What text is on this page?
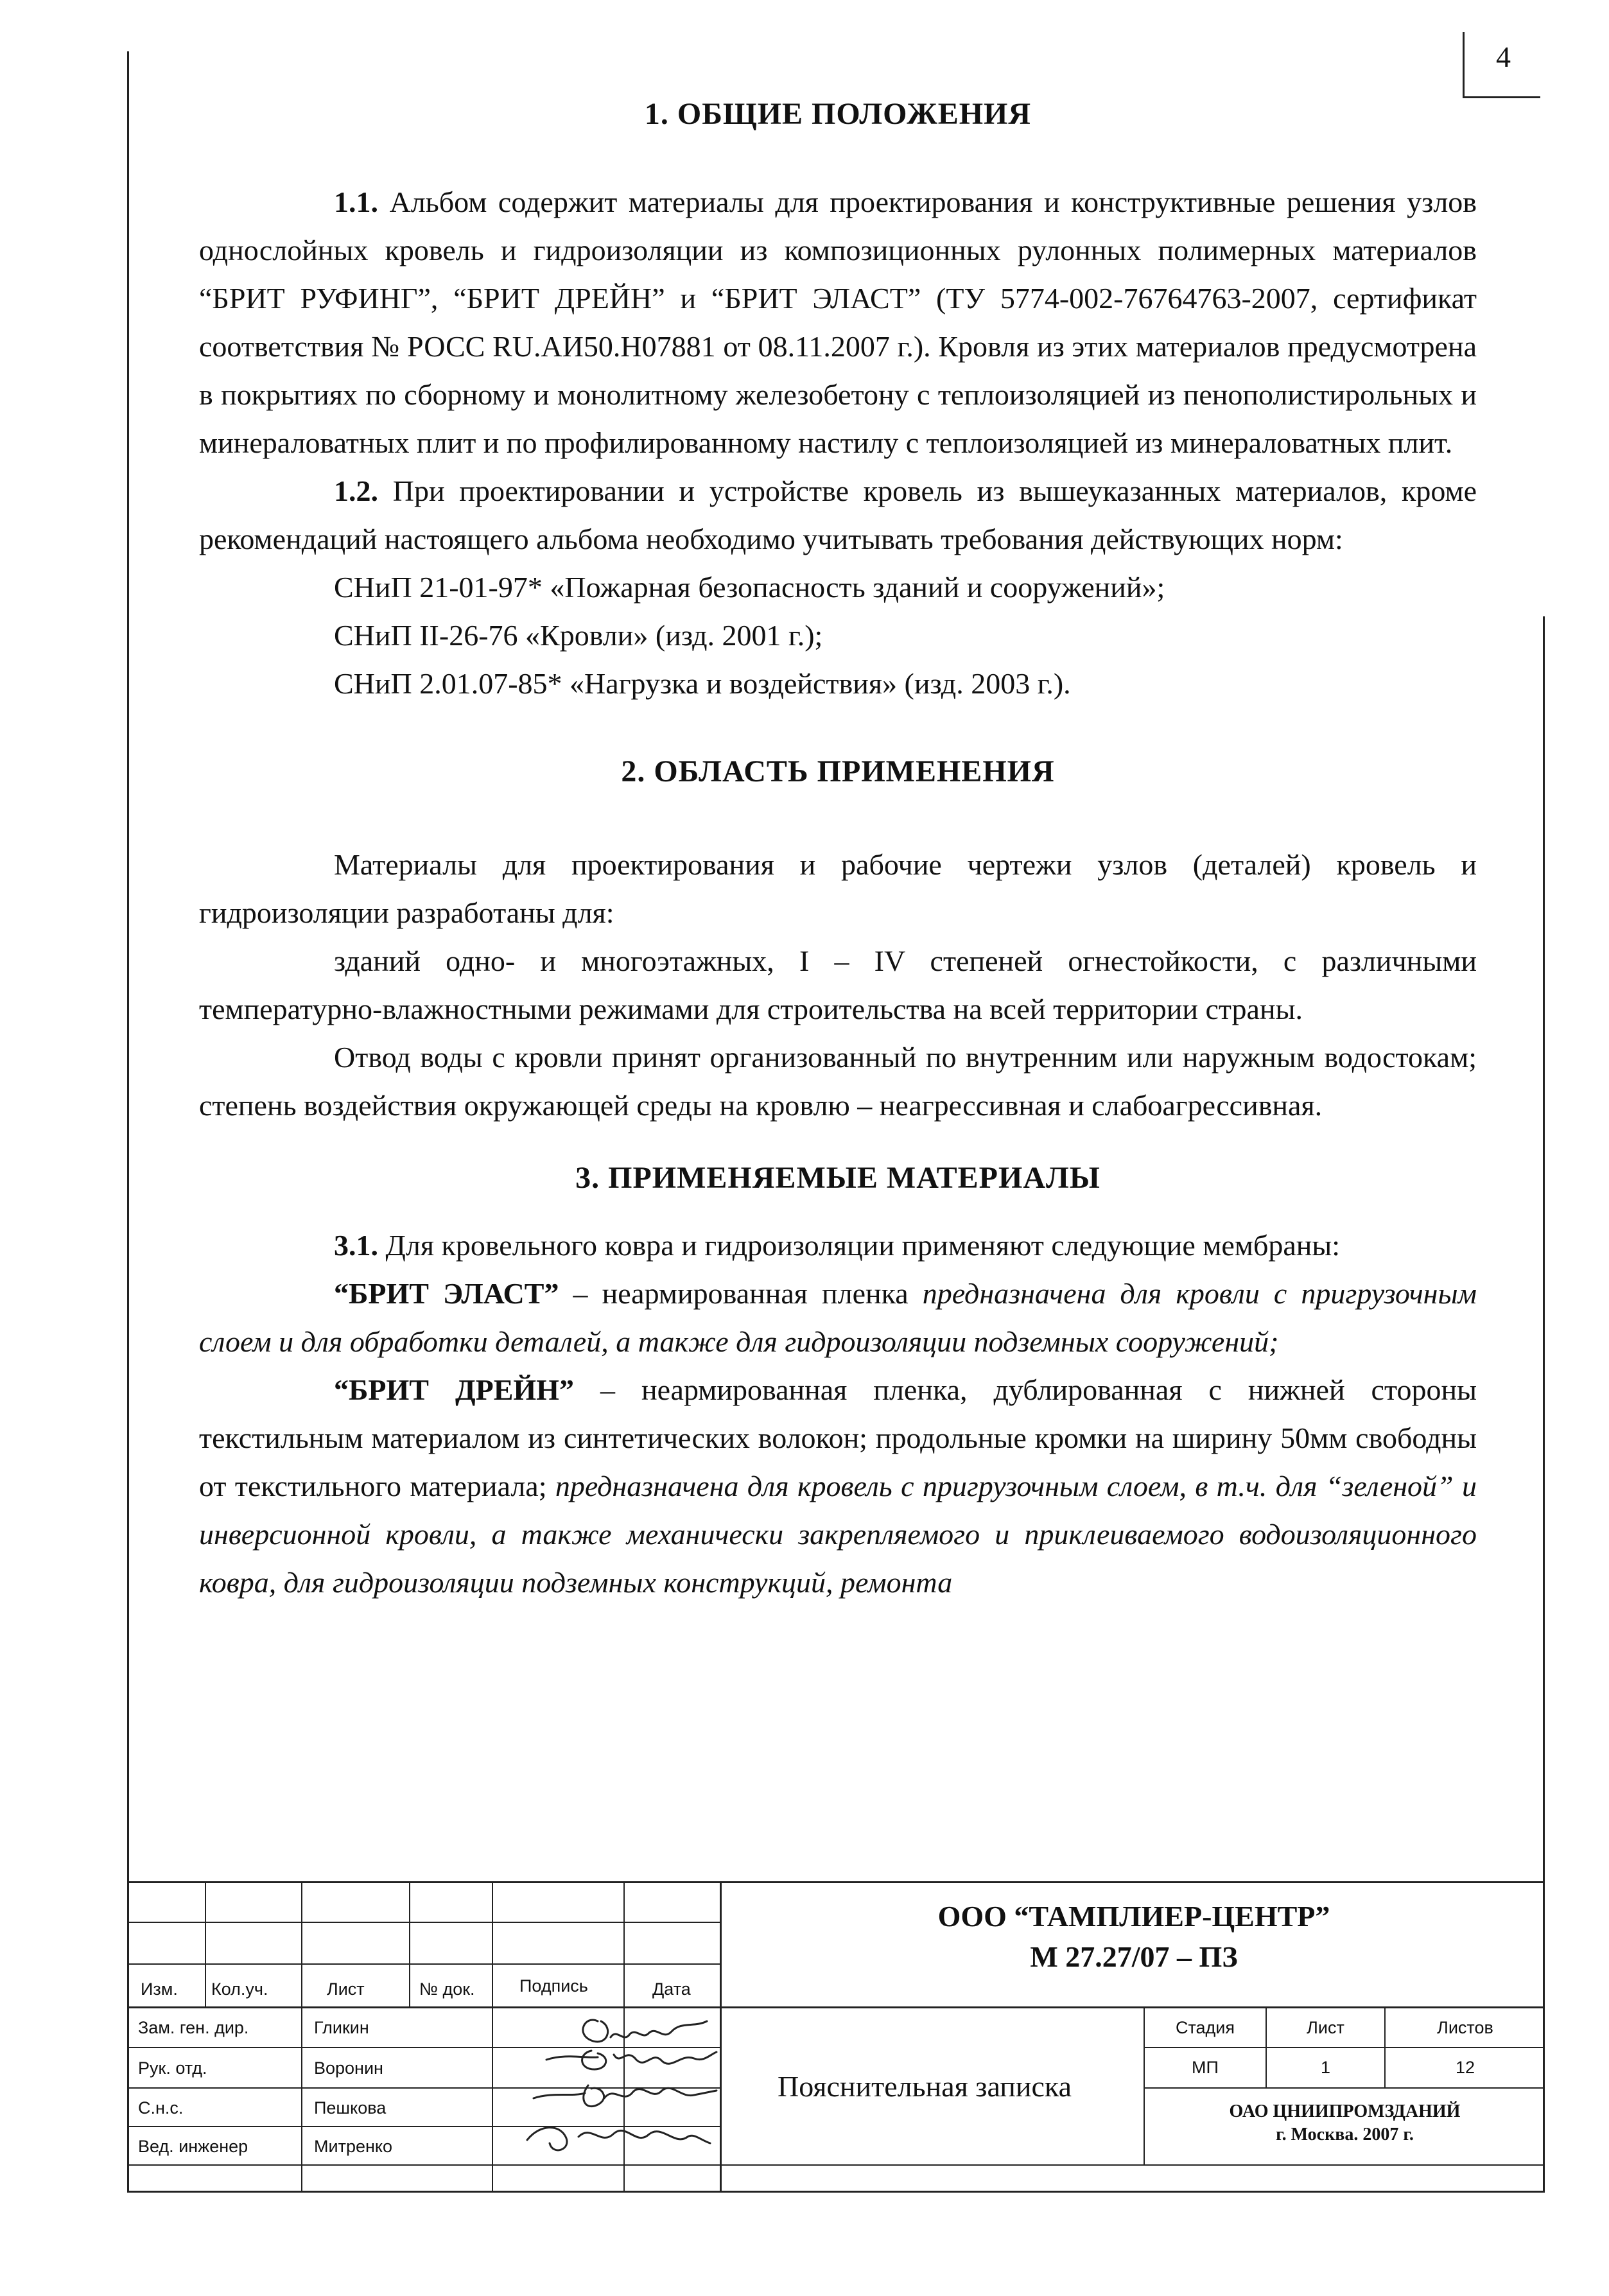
4

1. ОБЩИЕ ПОЛОЖЕНИЯ

1.1. Альбом содержит материалы для проектирования и конструктивные решения узлов однослойных кровель и гидроизоляции из композиционных рулонных полимерных материалов “БРИТ РУФИНГ”, “БРИТ ДРЕЙН” и “БРИТ ЭЛАСТ” (ТУ 5774-002-76764763-2007, сертификат соответствия № РОСС RU.АИ50.Н07881 от 08.11.2007 г.). Кровля из этих материалов предусмотрена в покрытиях по сборному и монолитному железобетону с теплоизоляцией из пенополистирольных и минераловатных плит и по профилированному настилу с теплоизоляцией из минераловатных плит.

1.2. При проектировании и устройстве кровель из вышеуказанных материалов, кроме рекомендаций настоящего альбома необходимо учитывать требования действующих норм:

СНиП 21-01-97* «Пожарная безопасность зданий и сооружений»;

СНиП II-26-76 «Кровли» (изд. 2001 г.);

СНиП 2.01.07-85* «Нагрузка и воздействия» (изд. 2003 г.).

2. ОБЛАСТЬ ПРИМЕНЕНИЯ

Материалы для проектирования и рабочие чертежи узлов (деталей) кровель и гидроизоляции разработаны для:

зданий одно- и многоэтажных, I – IV степеней огнестойкости, с различными температурно-влажностными режимами для строительства на всей территории страны.

Отвод воды с кровли принят организованный по внутренним или наружным водостокам; степень воздействия окружающей среды на кровлю – неагрессивная и слабоагрессивная.

3. ПРИМЕНЯЕМЫЕ МАТЕРИАЛЫ

3.1. Для кровельного ковра и гидроизоляции применяют следующие мембраны:

“БРИТ ЭЛАСТ” – неармированная пленка предназначена для кровли с пригрузочным слоем и для обработки деталей, а также для гидроизоляции подземных сооружений;

“БРИТ ДРЕЙН” – неармированная пленка, дублированная с нижней стороны текстильным материалом из синтетических волокон; продольные кромки на ширину 50мм свободны от текстильного материала; предназначена для кровель с пригрузочным слоем, в т.ч. для “зеленой” и инверсионной кровли, а также механически закрепляемого и приклеиваемого водоизоляционного ковра, для гидроизоляции подземных конструкций, ремонта

Изм. Кол.уч.	Лист	№ док.	Подпись	Дата
Зам. ген. дир.	Гликин
Рук. отд.	Воронин
С.н.с.	Пешкова
Вед. инженер	Митренко
ООО “ТАМПЛИЕР-ЦЕНТР”
М 27.27/07 – ПЗ
Пояснительная записка
Стадия	Лист	Листов
МП	1	12
ОАО ЦНИИПРОМЗДАНИЙ
г. Москва. 2007 г.
